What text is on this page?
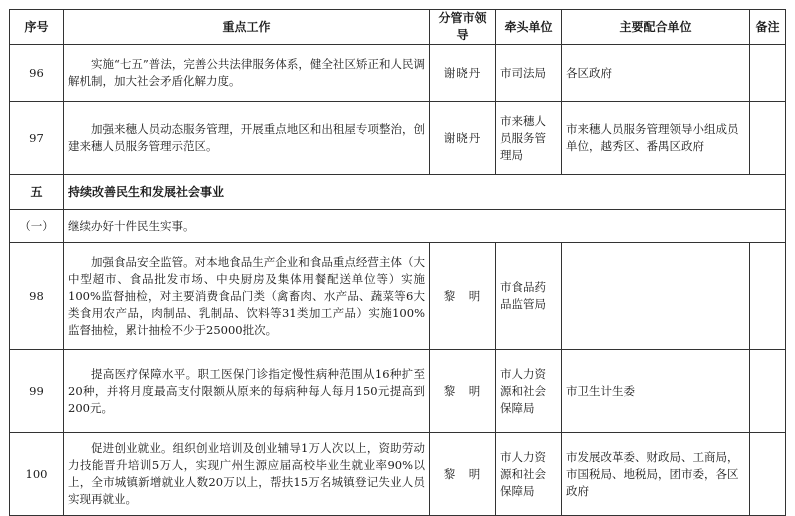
序号	重点工作	分管市领导	牵头单位	主要配合单位	备注
96	实施“七五”普法，完善公共法律服务体系，健全社区矫正和人民调解机制，加大社会矛盾化解力度。	谢晓丹	市司法局	各区政府	
97	加强来穗人员动态服务管理，开展重点地区和出租屋专项整治，创建来穗人员服务管理示范区。	谢晓丹	市来穗人员服务管理局	市来穗人员服务管理领导小组成员单位，越秀区、番禺区政府	
五	持续改善民生和发展社会事业				
（一）	继续办好十件民生实事。				
98	加强食品安全监管。对本地食品生产企业和食品重点经营主体（大中型超市、食品批发市场、中央厨房及集体用餐配送单位等）实施100%监督抽检，对主要消费食品门类（禽畜肉、水产品、蔬菜等6大类食用农产品，肉制品、乳制品、饮料等31类加工产品）实施100%监督抽检，累计抽检不少于25000批次。	黎　明	市食品药品监管局		
99	提高医疗保障水平。职工医保门诊指定慢性病种范围从16种扩至20种，并将月度最高支付限额从原来的每病种每人每月150元提高到200元。	黎　明	市人力资源和社会保障局	市卫生计生委	
100	促进创业就业。组织创业培训及创业辅导1万人次以上，资助劳动力技能晋升培训5万人，实现广州生源应届高校毕业生就业率90%以上，全市城镇新增就业人数20万以上，帮扶15万名城镇登记失业人员实现再就业。	黎　明	市人力资源和社会保障局	市发展改革委、财政局、工商局，市国税局、地税局，团市委，各区政府	
